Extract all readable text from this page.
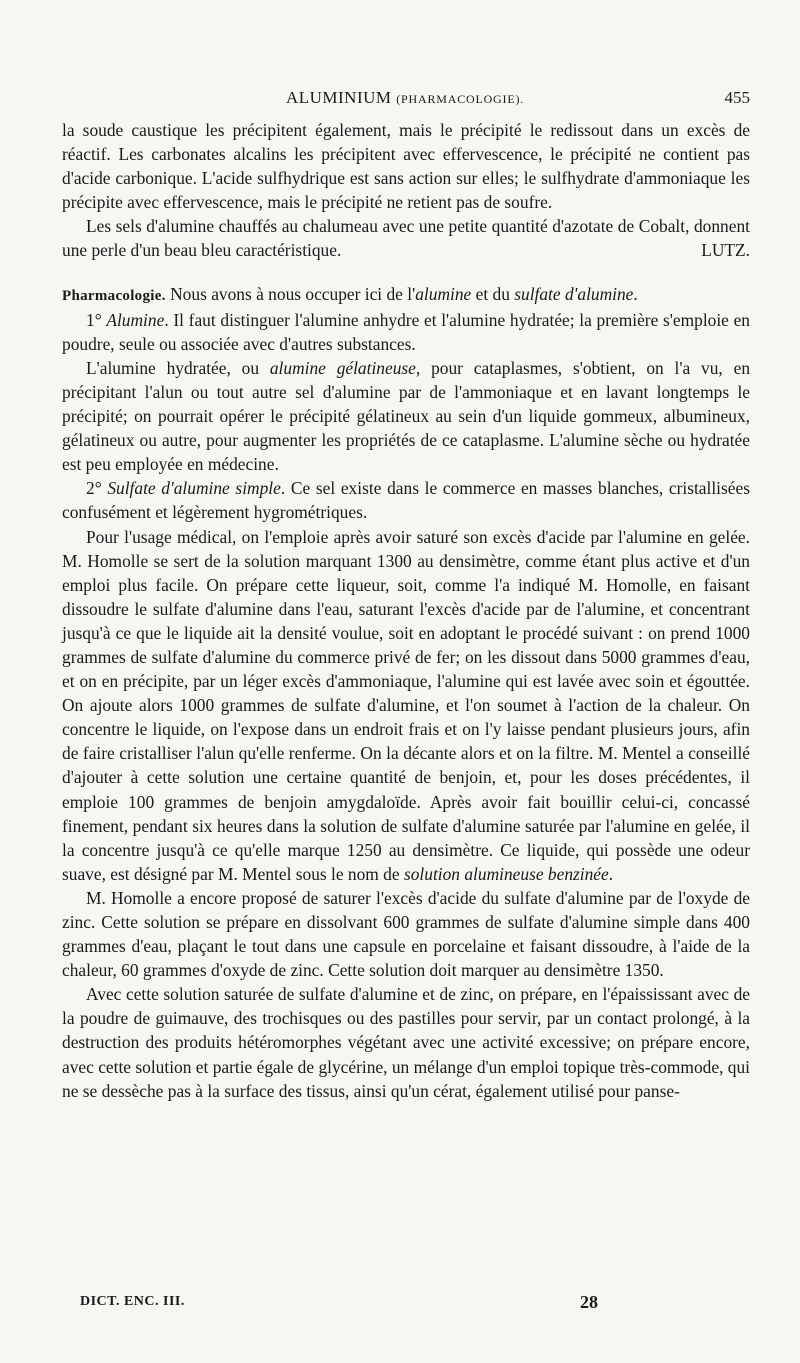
ALUMINIUM (PHARMACOLOGIE).	455

la soude caustique les précipitent également, mais le précipité le redissout dans un excès de réactif. Les carbonates alcalins les précipitent avec effervescence, le précipité ne contient pas d'acide carbonique. L'acide sulfhydrique est sans action sur elles; le sulfhydrate d'ammoniaque les précipite avec effervescence, mais le précipité ne retient pas de soufre.

Les sels d'alumine chauffés au chalumeau avec une petite quantité d'azotate de Cobalt, donnent une perle d'un beau bleu caractéristique.	LUTZ.

Pharmacologie. Nous avons à nous occuper ici de l'alumine et du sulfate d'alumine.

1° Alumine. Il faut distinguer l'alumine anhydre et l'alumine hydratée; la première s'emploie en poudre, seule ou associée avec d'autres substances.

L'alumine hydratée, ou alumine gélatineuse, pour cataplasmes, s'obtient, on l'a vu, en précipitant l'alun ou tout autre sel d'alumine par de l'ammoniaque et en lavant longtemps le précipité; on pourrait opérer le précipité gélatineux au sein d'un liquide gommeux, albumineux, gélatineux ou autre, pour augmenter les propriétés de ce cataplasme. L'alumine sèche ou hydratée est peu employée en médecine.

2° Sulfate d'alumine simple. Ce sel existe dans le commerce en masses blanches, cristallisées confusément et légèrement hygrométriques.

Pour l'usage médical, on l'emploie après avoir saturé son excès d'acide par l'alumine en gelée. M. Homolle se sert de la solution marquant 1300 au densimètre, comme étant plus active et d'un emploi plus facile. On prépare cette liqueur, soit, comme l'a indiqué M. Homolle, en faisant dissoudre le sulfate d'alumine dans l'eau, saturant l'excès d'acide par de l'alumine, et concentrant jusqu'à ce que le liquide ait la densité voulue, soit en adoptant le procédé suivant : on prend 1000 grammes de sulfate d'alumine du commerce privé de fer; on les dissout dans 5000 grammes d'eau, et on en précipite, par un léger excès d'ammoniaque, l'alumine qui est lavée avec soin et égouttée. On ajoute alors 1000 grammes de sulfate d'alumine, et l'on soumet à l'action de la chaleur. On concentre le liquide, on l'expose dans un endroit frais et on l'y laisse pendant plusieurs jours, afin de faire cristalliser l'alun qu'elle renferme. On la décante alors et on la filtre. M. Mentel a conseillé d'ajouter à cette solution une certaine quantité de benjoin, et, pour les doses précédentes, il emploie 100 grammes de benjoin amygdaloïde. Après avoir fait bouillir celui-ci, concassé finement, pendant six heures dans la solution de sulfate d'alumine saturée par l'alumine en gelée, il la concentre jusqu'à ce qu'elle marque 1250 au densimètre. Ce liquide, qui possède une odeur suave, est désigné par M. Mentel sous le nom de solution alumineuse benzinée.

M. Homolle a encore proposé de saturer l'excès d'acide du sulfate d'alumine par de l'oxyde de zinc. Cette solution se prépare en dissolvant 600 grammes de sulfate d'alumine simple dans 400 grammes d'eau, plaçant le tout dans une capsule en porcelaine et faisant dissoudre, à l'aide de la chaleur, 60 grammes d'oxyde de zinc. Cette solution doit marquer au densimètre 1350.

Avec cette solution saturée de sulfate d'alumine et de zinc, on prépare, en l'épaississant avec de la poudre de guimauve, des trochisques ou des pastilles pour servir, par un contact prolongé, à la destruction des produits hétéromorphes végétant avec une activité excessive; on prépare encore, avec cette solution et partie égale de glycérine, un mélange d'un emploi topique très-commode, qui ne se dessèche pas à la surface des tissus, ainsi qu'un cérat, également utilisé pour panse-

DICT. ENC. III.	28
